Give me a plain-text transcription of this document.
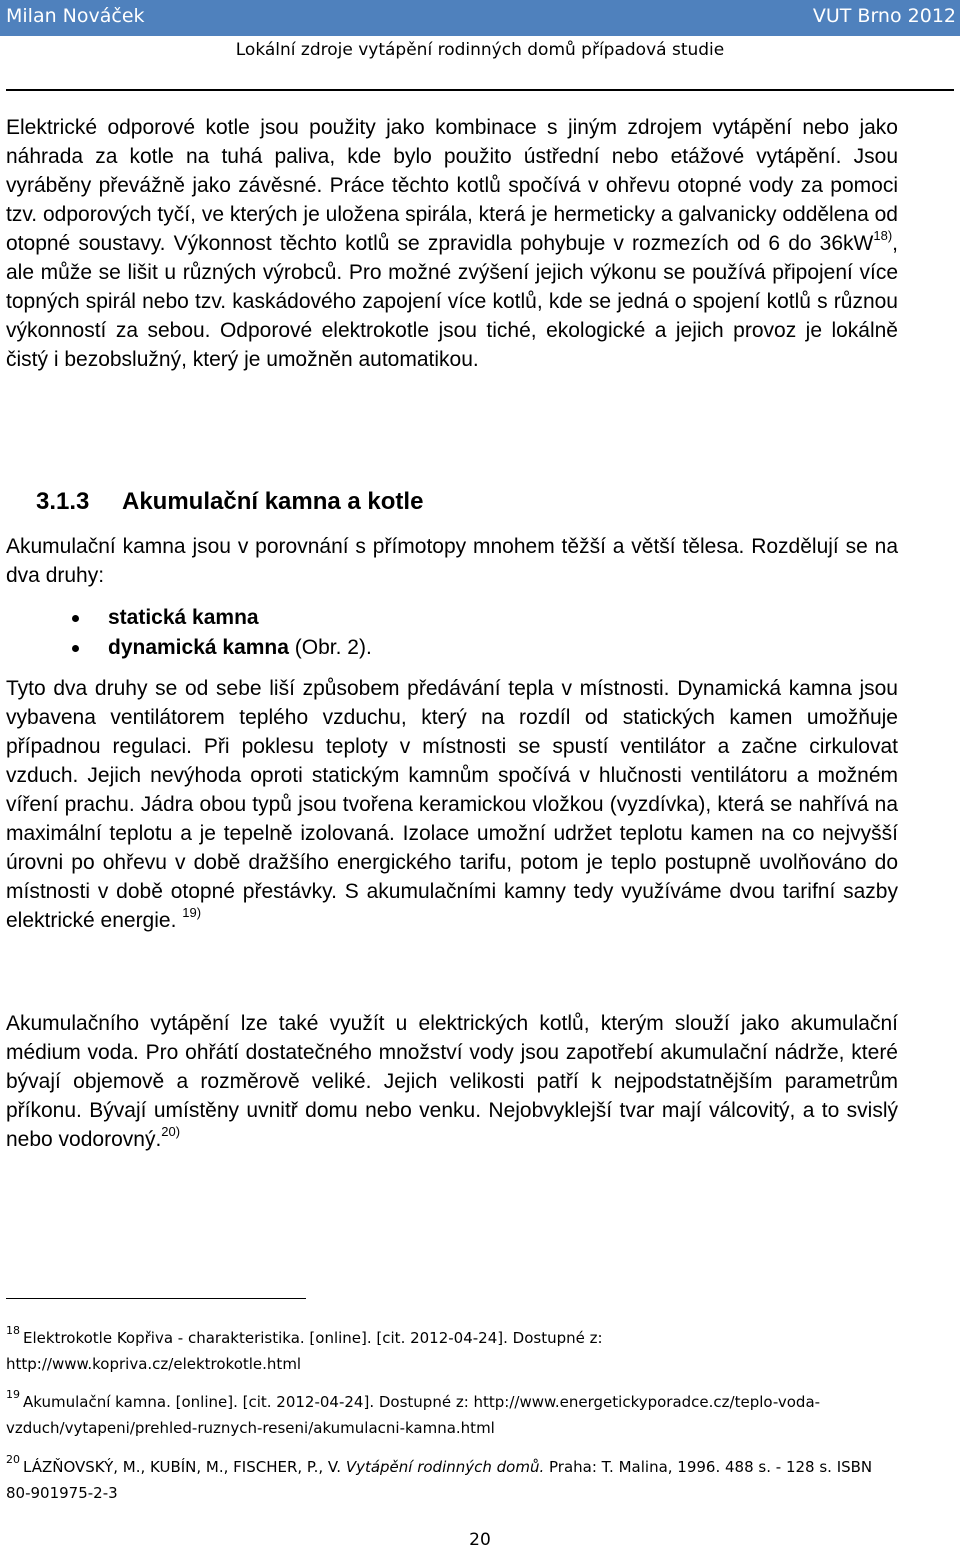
Milan Nováček	VUT Brno 2012
Lokální zdroje vytápění rodinných domů případová studie

Elektrické odporové kotle jsou použity jako kombinace s jiným zdrojem vytápění nebo jako náhrada za kotle na tuhá paliva, kde bylo použito ústřední nebo etážové vytápění. Jsou vyráběny převážně jako závěsné. Práce těchto kotlů spočívá v ohřevu otopné vody za pomoci tzv. odporových tyčí, ve kterých je uložena spirála, která je hermeticky a galvanicky oddělena od otopné soustavy. Výkonnost těchto kotlů se zpravidla pohybuje v rozmezích od 6 do $36kW^{18)}$, ale může se lišit u různých výrobců. Pro možné zvýšení jejich výkonu se používá připojení více topných spirál nebo tzv. kaskádového zapojení více kotlů, kde se jedná o spojení kotlů s různou výkonností za sebou. Odporové elektrokotle jsou tiché, ekologické a jejich provoz je lokálně čistý i bezobslužný, který je umožněn automatikou.

3.1.3 Akumulační kamna a kotle

Akumulační kamna jsou v porovnání s přímotopy mnohem těžší a větší tělesa. Rozdělují se na dva druhy:

statická kamna
dynamická kamna (Obr. 2).

Tyto dva druhy se od sebe liší způsobem předávání tepla v místnosti. Dynamická kamna jsou vybavena ventilátorem teplého vzduchu, který na rozdíl od statických kamen umožňuje případnou regulaci. Při poklesu teploty v místnosti se spustí ventilátor a začne cirkulovat vzduch. Jejich nevýhoda oproti statickým kamnům spočívá v hlučnosti ventilátoru a možném víření prachu. Jádra obou typů jsou tvořena keramickou vložkou (vyzdívka), která se nahřívá na maximální teplotu a je tepelně izolovaná. Izolace umožní udržet teplotu kamen na co nejvyšší úrovni po ohřevu v době dražšího energického tarifu, potom je teplo postupně uvolňováno do místnosti v době otopné přestávky. S akumulačními kamny tedy využíváme dvou tarifní sazby elektrické energie. $^{19)}$

Akumulačního vytápění lze také využít u elektrických kotlů, kterým slouží jako akumulační médium voda. Pro ohřátí dostatečného množství vody jsou zapotřebí akumulační nádrže, které bývají objemově a rozměrově veliké. Jejich velikosti patří k nejpodstatnějším parametrům příkonu. Bývají umístěny uvnitř domu nebo venku. Nejobvyklejší tvar mají válcovitý, a to svislý nebo vodorovný.$^{20)}$

$^{18}$ Elektrokotle Kopřiva - charakteristika. [online]. [cit. 2012-04-24]. Dostupné z: http://www.kopriva.cz/elektrokotle.html

$^{19}$ Akumulační kamna. [online]. [cit. 2012-04-24]. Dostupné z: http://www.energetickyporadce.cz/teplo-voda-vzduch/vytapeni/prehled-ruznych-reseni/akumulacni-kamna.html

$^{20}$ LÁZŇOVSKÝ, M., KUBÍN, M., FISCHER, P., V. Vytápění rodinných domů. Praha: T. Malina, 1996. 488 s. - 128 s. ISBN 80-901975-2-3

20
